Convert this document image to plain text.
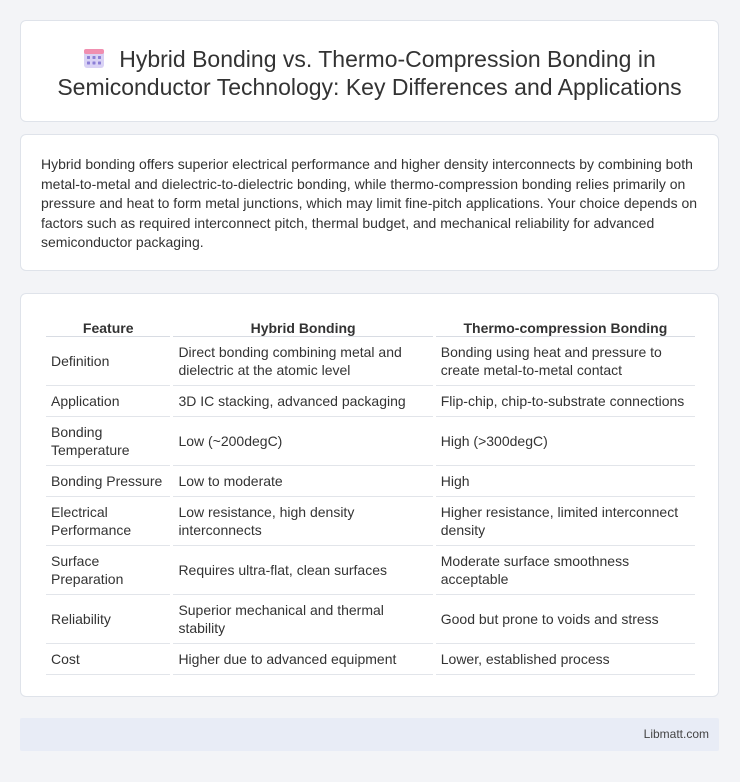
Hybrid Bonding vs. Thermo-Compression Bonding in
Semiconductor Technology: Key Differences and Applications

Hybrid bonding offers superior electrical performance and higher density interconnects by combining both metal-to-metal and dielectric-to-dielectric bonding, while thermo-compression bonding relies primarily on pressure and heat to form metal junctions, which may limit fine-pitch applications. Your choice depends on factors such as required interconnect pitch, thermal budget, and mechanical reliability for advanced semiconductor packaging.

Feature	Hybrid Bonding	Thermo-compression Bonding
Definition	Direct bonding combining metal and dielectric at the atomic level	Bonding using heat and pressure to create metal-to-metal contact
Application	3D IC stacking, advanced packaging	Flip-chip, chip-to-substrate connections
Bonding Temperature	Low (~200degC)	High (>300degC)
Bonding Pressure	Low to moderate	High
Electrical Performance	Low resistance, high density interconnects	Higher resistance, limited interconnect density
Surface Preparation	Requires ultra-flat, clean surfaces	Moderate surface smoothness acceptable
Reliability	Superior mechanical and thermal stability	Good but prone to voids and stress
Cost	Higher due to advanced equipment	Lower, established process
Libmatt.com
